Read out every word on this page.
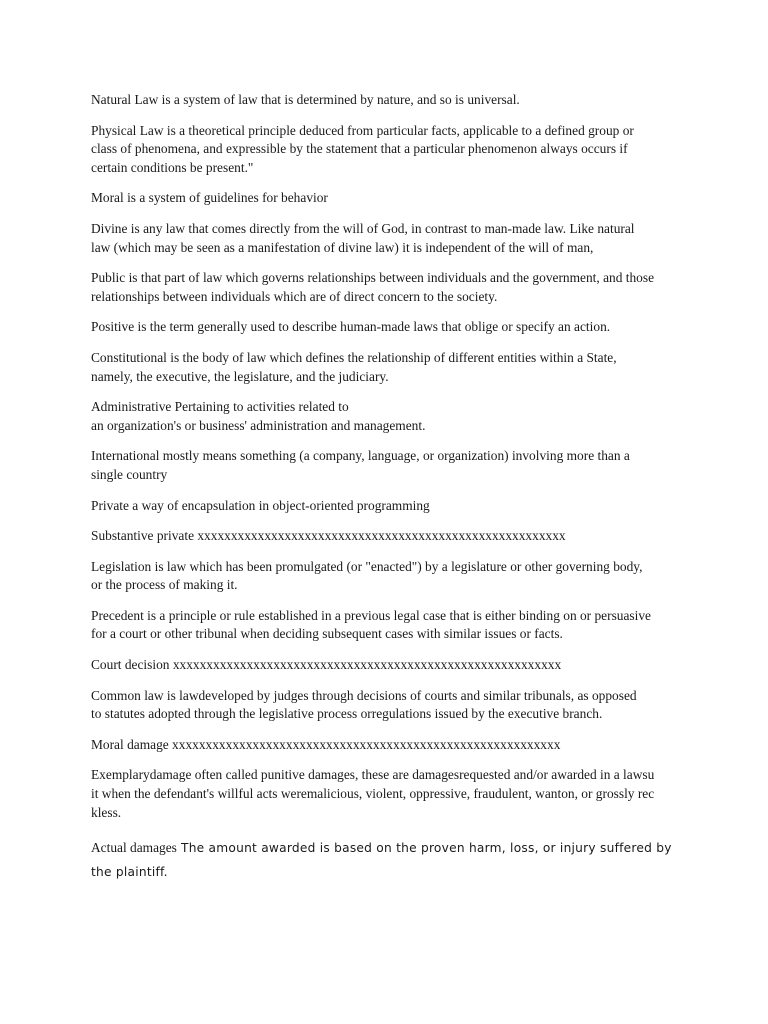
Natural Law is a system of law that is determined by nature, and so is universal.

Physical Law is a theoretical principle deduced from particular facts, applicable to a defined group or
class of phenomena, and expressible by the statement that a particular phenomenon always occurs if
certain conditions be present."

Moral is a system of guidelines for behavior

Divine is any law that comes directly from the will of God, in contrast to man-made law. Like natural
law (which may be seen as a manifestation of divine law) it is independent of the will of man,

Public is that part of law which governs relationships between individuals and the government, and those
relationships between individuals which are of direct concern to the society.

Positive is the term generally used to describe human-made laws that oblige or specify an action.

Constitutional is the body of law which defines the relationship of different entities within a State,
namely, the executive, the legislature, and the judiciary.

Administrative Pertaining to activities related to
an organization's or business' administration and management.

International mostly means something (a company, language, or organization) involving more than a
single country

Private a way of encapsulation in object-oriented programming

Substantive private xxxxxxxxxxxxxxxxxxxxxxxxxxxxxxxxxxxxxxxxxxxxxxxxxxxxxxx

Legislation is law which has been promulgated (or "enacted") by a legislature or other governing body,
or the process of making it.

Precedent is a principle or rule established in a previous legal case that is either binding on or persuasive
for a court or other tribunal when deciding subsequent cases with similar issues or facts.

Court decision xxxxxxxxxxxxxxxxxxxxxxxxxxxxxxxxxxxxxxxxxxxxxxxxxxxxxxxxxx

Common law is lawdeveloped by judges through decisions of courts and similar tribunals, as opposed
to statutes adopted through the legislative process orregulations issued by the executive branch.

Moral damage xxxxxxxxxxxxxxxxxxxxxxxxxxxxxxxxxxxxxxxxxxxxxxxxxxxxxxxxxx

Exemplarydamage often called punitive damages, these are damagesrequested and/or awarded in a lawsu
it when the defendant's willful acts weremalicious, violent, oppressive, fraudulent, wanton, or grossly rec
kless.

Actual damages The amount awarded is based on the proven harm, loss, or injury suffered by
the plaintiff.
